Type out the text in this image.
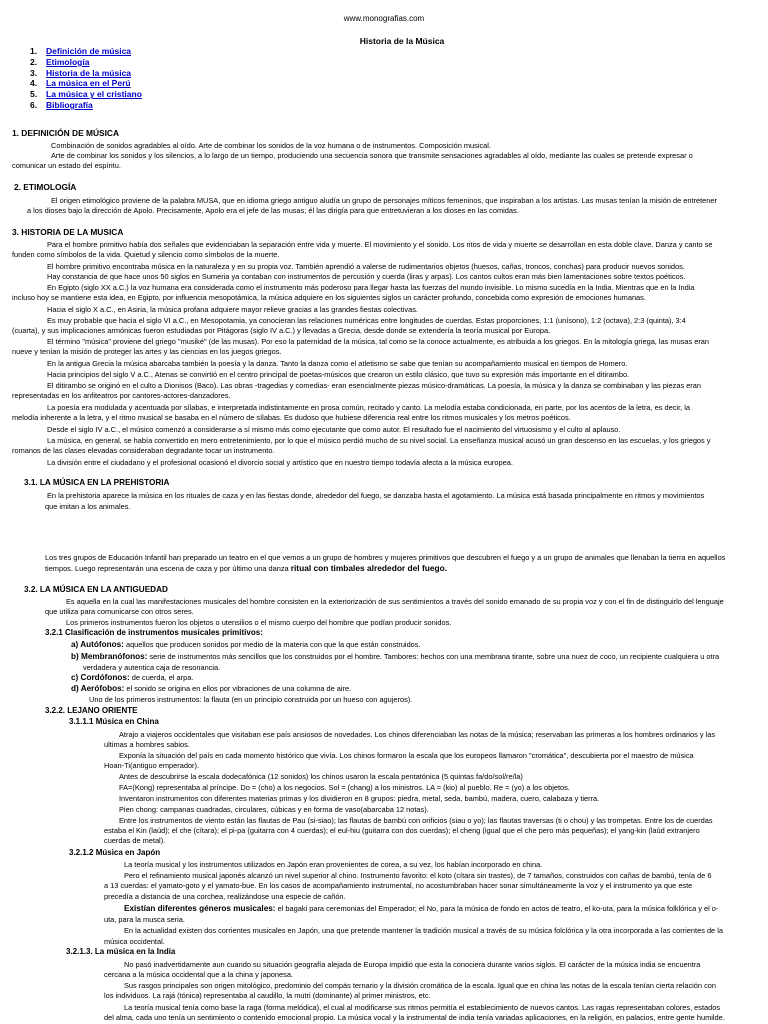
www.monografias.com
Historia de la Música
1. Definición de música
2. Etimología
3. Historia de la música
4. La música en el Perú
5. La música y el cristiano
6. Bibliografía
1. DEFINICIÓN DE MÚSICA
Combinación de sonidos agradables al oído. Arte de combinar los sonidos de la voz humana o de instrumentos. Composición musical.
Arte de combinar los sonidos y los silencios, a lo largo de un tiempo, produciendo una secuencia sonora que transmite sensaciones agradables al oído, mediante las cuales se pretende expresar o
comunicar un estado del espíritu.
2. ETIMOLOGÍA
El origen etimológico proviene de la palabra MUSA, que en idioma griego antiguo aludía un grupo de personajes míticos femeninos, que inspiraban a los artistas. Las musas tenían la misión de entretener
a los dioses bajo la dirección de Apolo. Precisamente, Apolo era el jefe de las musas; él las dirigía para que entretuvieran a los dioses en las comidas.
3. HISTORIA DE LA MUSICA
Para el hombre primitivo había dos señales que evidenciaban la separación entre vida y muerte. El movimiento y el sonido. Los ritos de vida y muerte se desarrollan en esta doble clave. Danza y canto se
funden como símbolos de la vida. Quietud y silencio como símbolos de la muerte.
El hombre primitivo encontraba música en la naturaleza y en su propia voz. También aprendió a valerse de rudimentarios objetos (huesos, cañas, troncos, conchas) para producir nuevos sonidos.
Hay constancia de que hace unos 50 siglos en Sumeria ya contaban con instrumentos de percusión y cuerda (liras y arpas). Los cantos cultos eran más bien lamentaciones sobre textos poéticos.
En Egipto (siglo XX a.C.) la voz humana era considerada como el instrumento más poderoso para llegar hasta las fuerzas del mundo invisible. Lo mismo sucedía en la India. Mientras que en la India
incluso hoy se mantiene esta idea, en Egipto, por influencia mesopotámica, la música adquiere en los siguientes siglos un carácter profundo, concebida como expresión de emociones humanas.
Hacia el siglo X a.C., en Asiria, la música profana adquiere mayor relieve gracias a las grandes fiestas colectivas.
Es muy probable que hacia el siglo VI a.C., en Mesopotamia, ya conocieran las relaciones numéricas entre longitudes de cuerdas. Estas proporciones, 1:1 (unísono), 1:2 (octava), 2:3 (quinta), 3:4
(cuarta), y sus implicaciones armónicas fueron estudiadas por Pitágoras (siglo IV a.C.) y llevadas a Grecia, desde donde se extendería la teoría musical por Europa.
El término "música" proviene del griego "musiké" (de las musas). Por eso la paternidad de la música, tal como se la conoce actualmente, es atribuida a los griegos. En la mitología griega, las musas eran
nueve y tenían la misión de proteger las artes y las ciencias en los juegos griegos.
En la antigua Grecia la música abarcaba también la poesía y la danza. Tanto la danza como el atletismo se sabe que tenían su acompañamiento musical en tiempos de Homero.
Hacia principios del siglo V a.C., Atenas se convirtió en el centro principal de poetas-músicos que crearon un estilo clásico, que tuvo su expresión más importante en el ditirambo.
El ditirambo se originó en el culto a Dionisos (Baco). Las obras -tragedias y comedias- eran esencialmente piezas músico-dramáticas. La poesía, la música y la danza se combinaban y las piezas eran
representadas en los anfiteatros por cantores-actores-danzadores.
La poesía era modulada y acentuada por sílabas, e interpretada indistintamente en prosa común, recitado y canto. La melodía estaba condicionada, en parte, por los acentos de la letra, es decir, la
melodía inherente a la letra, y el ritmo musical se basaba en el número de sílabas. Es dudoso que hubiese diferencia real entre los ritmos musicales y los metros poéticos.
Desde el siglo IV a.C., el músico comenzó a considerarse a sí mismo más como ejecutante que como autor. El resultado fue el nacimiento del virtuosismo y el culto al aplauso.
La música, en general, se había convertido en mero entretenimiento, por lo que el músico perdió mucho de su nivel social. La enseñanza musical acusó un gran descenso en las escuelas, y los griegos y
romanos de las clases elevadas consideraban degradante tocar un instrumento.
La división entre el ciudadano y el profesional ocasionó el divorcio social y artístico que en nuestro tiempo todavía afecta a la música europea.
3.1. LA MÚSICA EN LA PREHISTORIA
En la prehistoria aparece la música en los rituales de caza y en las fiestas donde, alrededor del fuego, se danzaba hasta el agotamiento. La música está basada principalmente en ritmos y movimientos
que imitan a los animales.
Los tres grupos de Educación Infantil han preparado un teatro en el que vemos a un grupo de hombres y mujeres primitivos que descubren el fuego y a un grupo de animales que llenaban la tierra en aquellos
tiempos. Luego representarán una escena de caza y por último una danza ritual con timbales alrededor del fuego.
3.2. LA MÚSICA EN LA ANTIGUEDAD
Es aquella en la cual las manifestaciones musicales del hombre consisten en la exteriorización de sus sentimientos a través del sonido emanado de su propia voz y con el fin de distinguirlo del lenguaje
que utiliza para comunicarse con otros seres.
Los primeros instrumentos fueron los objetos o utensilios o el mismo cuerpo del hombre que podían producir sonidos.
3.2.1 Clasificación de instrumentos musicales primitivos:
a) Autófonos: aquellos que producen sonidos por medio de la materia con que la que están construidos.
b) Membranófonos: serie de instrumentos más sencillos que los construidos por el hombre. Tambores: hechos con una membrana tirante, sobre una nuez de coco, un recipiente cualquiera u otra
verdadera y autentica caja de resonancia.
c) Cordófonos: de cuerda, el arpa.
d) Aerófobos: el sonido se origina en ellos por vibraciones de una columna de aire.
Uno de los primeros instrumentos: la flauta (en un principio construida por un hueso con agujeros).
3.2.2. LEJANO ORIENTE
3.1.1.1 Música en China
Atrajo a viajeros occidentales que visitaban ese país ansiosos de novedades. Los chinos diferenciaban las notas de la música; reservaban las primeras a los hombres ordinarios y las
ultimas a hombres sabios.
Exponía la situación del país en cada momento histórico que vivía. Los chinos formaron la escala que los europeos llamaron "cromática", descubierta por el maestro de música
Hoan-Ti(antiguo emperador).
Antes de descubrirse la escala dodecafónica (12 sonidos) los chinos usaron la escala pentatónica (5 quintas fa/do/sol/re/la)
FA=(Kong) representaba al príncipe. Do = (cho) a los negocios. Sol = (chang) a los ministros. LA = (kio) al pueblo. Re = (yo) a los objetos.
Inventaron instrumentos con diferentes materias primas y los dividieron en 8 grupos: piedra, metal, seda, bambú, madera, cuero, calabaza y tierra.
Pien chong: campanas cuadradas, circulares, cúbicas y en forma de vaso(abarcaba 12 notas).
Entre los instrumentos de viento están las flautas de Pau (si-siao); las flautas de bambú con orificios (siau o yo); las flautas traversas (ti o chou) y las trompetas. Entre los de cuerdas
estaba el Kin (laúd); el che (cítara); el pi-pa (guitarra con 4 cuerdas); el eul-hiu (guitarra con dos cuerdas); el cheng (igual que el che pero más pequeñas); el yang-kin (laúd extranjero
cuerdas de metal).
3.2.1.2 Música en Japón
La teoría musical y los instrumentos utilizados en Japón eran provenientes de corea, a su vez, los habían incorporado en china.
Pero el refinamiento musical japonés alcanzó un nivel superior al chino. Instrumento favorito: el koto (cítara sin trastes), de 7 tamaños, construidos con cañas de bambú, tenía de 6
a 13 cuerdas: el yamato-goto y el yamato-bue. En los casos de acompañamiento instrumental, no acostumbraban hacer sonar simultáneamente la voz y el instrumento ya que este
precedía a distancia de una corchea, realizándose una especie de cañón.
Existían diferentes géneros musicales: el bagaki para ceremonias del Emperador; el No, para la música de fondo en actos de teatro, el ko-uta, para la música folklórica y el o-
uta, para la musca seria.
En la actualidad existen dos corrientes musicales en Japón, una que pretende mantener la tradición musical a través de su música folclórica y la otra incorporada a las corrientes de la
música occidental.
3.2.1.3. La música en la India
No pasó inadvertidamente aun cuando su situación geografía alejada de Europa impidió que esta la conociera durante varios siglos. El carácter de la música india se encuentra
cercana a la música occidental que a la china y japonesa.
Sus rasgos principales son origen mitológico, predominio del compás ternario y la división cromática de la escala. Igual que en china las notas de la escala tenían cierta relación con
los individuos. La rajá (tónica) representaba al caudillo, la mutri (dominante) al primer ministros, etc.
La teoría musical tenía como base la raga (forma melódica), el cual al modificarse sus ritmos permitía el establecimiento de nuevos cantos. Las ragas representaban colores, estados
del alma, cada uno tenía un sentimiento o contenido emocional propio. La música vocal y la instrumental de india tenía variadas aplicaciones, en la religión, en palacios, entre gente humilde.
